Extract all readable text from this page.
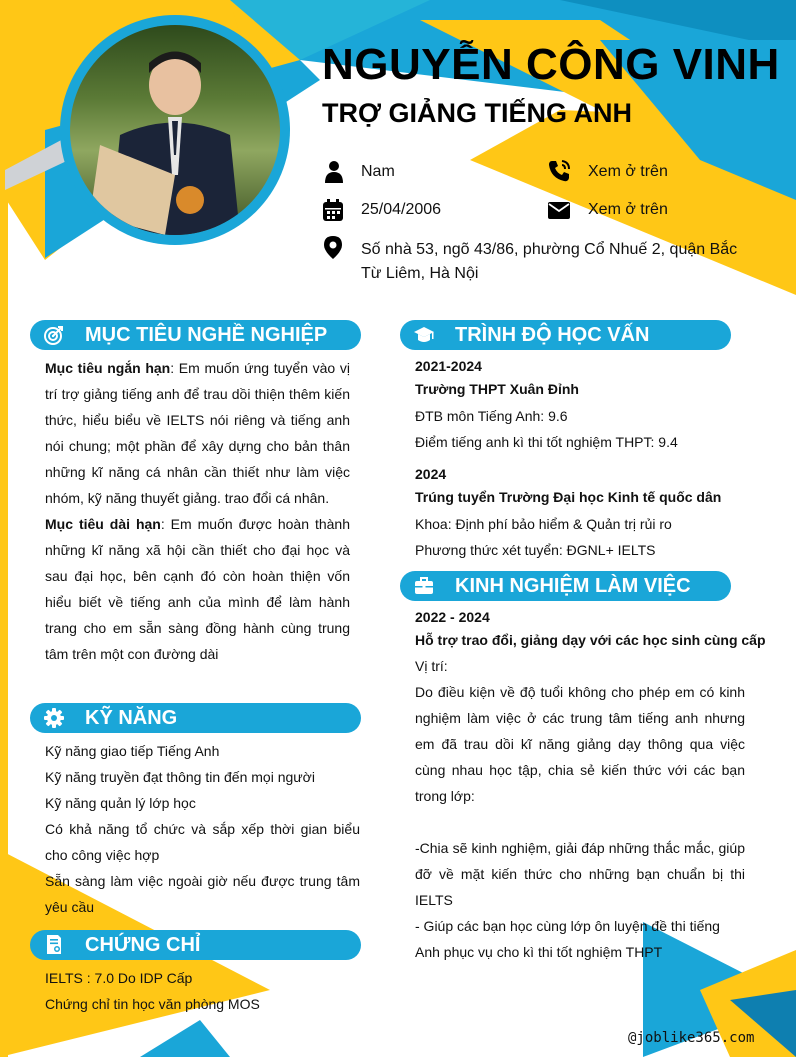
NGUYỄN CÔNG VINH
TRỢ GIẢNG TIẾNG ANH
Nam	Xem ở trên
25/04/2006	Xem ở trên
Số nhà 53, ngõ 43/86, phường Cổ Nhuế 2, quận Bắc Từ Liêm, Hà Nội
MỤC TIÊU NGHỀ NGHIỆP
Mục tiêu ngắn hạn: Em muốn ứng tuyển vào vị trí trợ giảng tiếng anh để trau dồi thiện thêm kiến thức, hiểu biểu về IELTS nói riêng và tiếng anh nói chung; một phần để xây dựng cho bản thân những kĩ năng cá nhân cần thiết như làm việc nhóm, kỹ năng thuyết giảng. trao đổi cá nhân.
Mục tiêu dài hạn: Em muốn được hoàn thành những kĩ năng xã hội cần thiết cho đại học và sau đại học, bên cạnh đó còn hoàn thiện vốn hiểu biết về tiếng anh của mình để làm hành trang cho em sẵn sàng đồng hành cùng trung tâm trên một con đường dài
KỸ NĂNG
Kỹ năng giao tiếp Tiếng Anh
Kỹ năng truyền đạt thông tin đến mọi người
Kỹ năng quản lý lớp học
Có khả năng tổ chức và sắp xếp thời gian biểu cho công việc hợp
Sẵn sàng làm việc ngoài giờ nếu được trung tâm yêu cầu
CHỨNG CHỈ
IELTS : 7.0 Do IDP Cấp
Chứng chỉ tin học văn phòng MOS
TRÌNH ĐỘ HỌC VẤN
2021-2024
Trường THPT Xuân Đỉnh
ĐTB môn Tiếng Anh: 9.6
Điểm tiếng anh kì thi tốt nghiệm THPT: 9.4
2024
Trúng tuyển Trường Đại học Kinh tế quốc dân
Khoa: Định phí bảo hiểm & Quản trị rủi ro
Phương thức xét tuyển: ĐGNL+ IELTS
KINH NGHIỆM LÀM VIỆC
2022 - 2024
Hỗ trợ trao đổi, giảng dạy với các học sinh cùng cấp
Vị trí:
Do điều kiện về độ tuổi không cho phép em có kinh nghiệm làm việc ở các trung tâm tiếng anh nhưng em đã trau dồi kĩ năng giảng dạy thông qua việc cùng nhau học tập, chia sẻ kiến thức với các bạn trong lớp:
-Chia sẽ kinh nghiệm, giải đáp những thắc mắc, giúp đỡ về mặt kiến thức cho những bạn chuẩn bị thi IELTS
- Giúp các bạn học cùng lớp ôn luyện đề thi tiếng Anh phục vụ cho kì thi tốt nghiệm THPT
@joblike365.com
